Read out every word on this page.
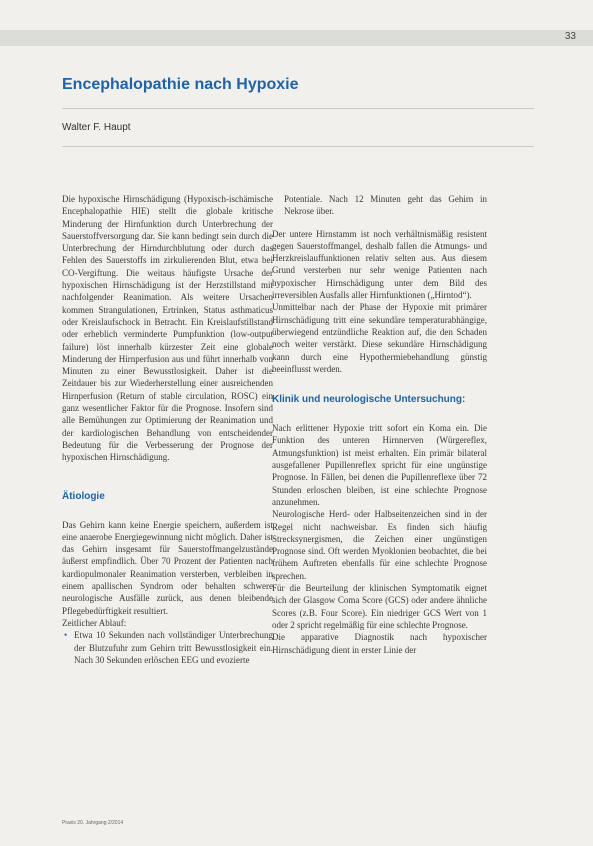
33
Encephalopathie nach Hypoxie
Walter F. Haupt

Die hypoxische Hirnschädigung (Hypoxisch-ischämische Encephalopathie HIE) stellt die globale kritische Minderung der Hirnfunktion durch Unterbrechung der Sauerstoffversorgung dar. Sie kann bedingt sein durch die Unterbrechung der Hirndurchblutung oder durch das Fehlen des Sauerstoffs im zirkulierenden Blut, etwa bei CO-Vergiftung. Die weitaus häufigste Ursache der hypoxischen Hirnschädigung ist der Herzstillstand mit nachfolgender Reanimation. Als weitere Ursachen kommen Strangulationen, Ertrinken, Status asthmaticus oder Kreislaufschock in Betracht. Ein Kreislaufstillstand oder erheblich verminderte Pumpfunktion (low-output failure) löst innerhalb kürzester Zeit eine globale Minderung der Hirnperfusion aus und führt innerhalb von Minuten zu einer Bewusstlosigkeit. Daher ist die Zeitdauer bis zur Wiederherstellung einer ausreichenden Hirnperfusion (Return of stable circulation, ROSC) ein ganz wesentlicher Faktor für die Prognose. Insofern sind alle Bemühungen zur Optimierung der Reanimation und der kardiologischen Behandlung von entscheidender Bedeutung für die Verbesserung der Prognose der hypoxischen Hirnschädigung.

Ätiologie

Das Gehirn kann keine Energie speichern, außerdem ist eine anaerobe Energiegewinnung nicht möglich. Daher ist das Gehirn insgesamt für Sauerstoffmangelzustände äußerst empfindlich. Über 70 Prozent der Patienten nach kardiopulmonaler Reanimation versterben, verbleiben in einem apallischen Syndrom oder behalten schwere neurologische Ausfälle zurück, aus denen bleibende Pflegebedürftigkeit resultiert.

Zeitlicher Ablauf:

• Etwa 10 Sekunden nach vollständiger Unterbrechung der Blutzufuhr zum Gehirn tritt Bewusstlosigkeit ein. Nach 30 Sekunden erlöschen EEG und evozierte

Potentiale. Nach 12 Minuten geht das Gehirn in Nekrose über.

Der untere Hirnstamm ist noch verhältnismäßig resistent gegen Sauerstoffmangel, deshalb fallen die Atmungs- und Herzkreislauffunktionen relativ selten aus. Aus diesem Grund versterben nur sehr wenige Patienten nach hypoxischer Hirnschädigung unter dem Bild des irreversiblen Ausfalls aller Hirnfunktionen („Hirntod“).

Unmittelbar nach der Phase der Hypoxie mit primärer Hirnschädigung tritt eine sekundäre temperaturabhängige, überwiegend entzündliche Reaktion auf, die den Schaden noch weiter verstärkt. Diese sekundäre Hirnschädigung kann durch eine Hypothermiebehandlung günstig beeinflusst werden.

Klinik und neurologische Untersuchung:

Nach erlittener Hypoxie tritt sofort ein Koma ein. Die Funktion des unteren Hirnnerven (Würgereflex, Atmungsfunktion) ist meist erhalten. Ein primär bilateral ausgefallener Pupillenreflex spricht für eine ungünstige Prognose. In Fällen, bei denen die Pupillenreflexe über 72 Stunden erloschen bleiben, ist eine schlechte Prognose anzunehmen.

Neurologische Herd- oder Halbseitenzeichen sind in der Regel nicht nachweisbar. Es finden sich häufig Strecksynergismen, die Zeichen einer ungünstigen Prognose sind. Oft werden Myoklonien beobachtet, die bei frühem Auftreten ebenfalls für eine schlechte Prognose sprechen.

Für die Beurteilung der klinischen Symptomatik eignet sich der Glasgow Coma Score (GCS) oder andere ähnliche Scores (z.B. Four Score). Ein niedriger GCS Wert von 1 oder 2 spricht regelmäßig für eine schlechte Prognose.

Die apparative Diagnostik nach hypoxischer Hirnschädigung dient in erster Linie der

Praxis 20. Jahrgang 2/2014
